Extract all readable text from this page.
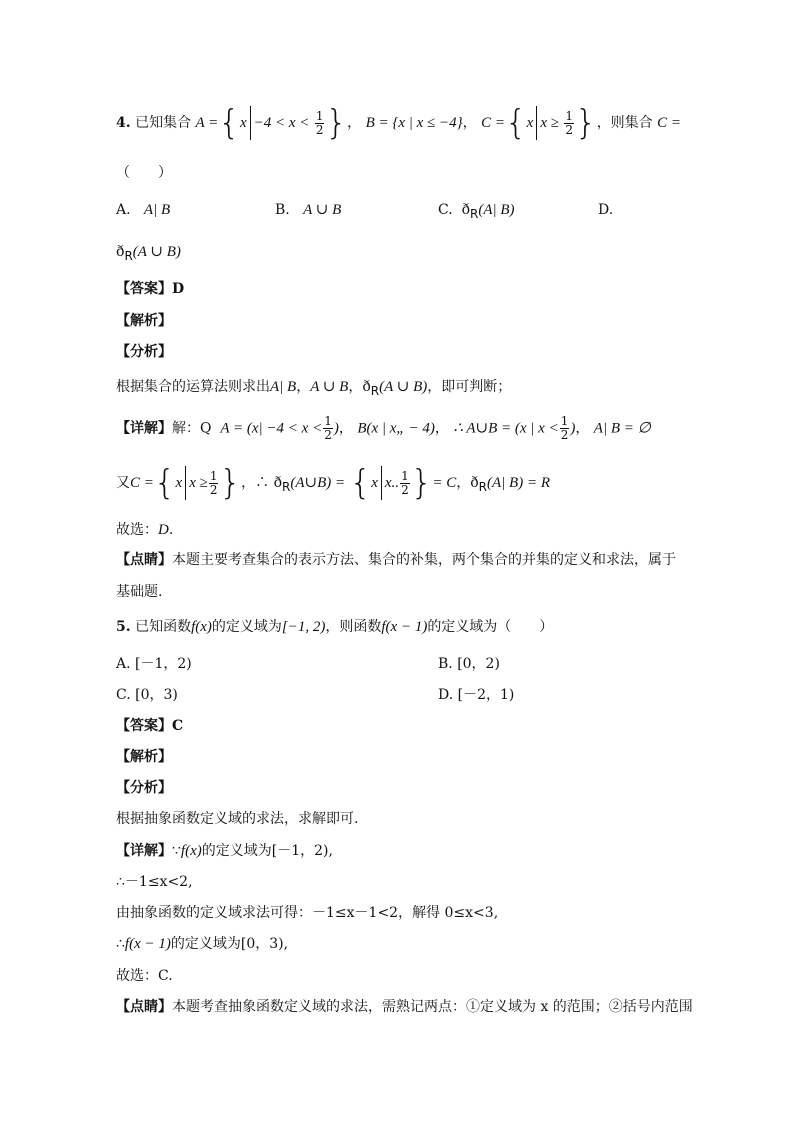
4. 已知集合 $A =\{x -4 < x < \frac{1}{2}$ }， B = {x | x ≤ −4}， C ={x $x \ge \frac{1}{2}$ }，则集合 C =
（　　）
A. A| B	B. A ∪ B	C. $ð_R(A|$ B)	D.
$ð_R(A$ ∪ B)
【答案】D
【解析】
【分析】
根据集合的运算法则求出A| B，A ∪ B，$ð_R(A$ ∪ B)，即可判断；
【详解】解：Q $A = (x| -4 < x < \frac{1}{2}$ )， B(x | x„ − 4)， ∴ A∪B = (x | $x < \frac{1}{2}$ )， A| B = ∅
又C ={x $x \ge \frac{1}{2}$ }，∴ $ð_R(A\cup B) = \{x$ x.. $\frac{1}{2}$ }= C，$ð_R(A|$ B) = R
故选：D.
【点睛】本题主要考查集合的表示方法、集合的补集，两个集合的并集的定义和求法，属于
基础题.
5. 已知函数f(x)的定义域为[−1, 2)，则函数f(x − 1)的定义域为（　　）
A. [－1，2)	B. [0，2)
C. [0，3)	D. [－2，1)
【答案】C
【解析】
【分析】
根据抽象函数定义域的求法，求解即可.
【详解】∵f(x)的定义域为[－1，2),
∴－1≤x<2,
由抽象函数的定义域求法可得：－1≤x－1<2，解得 0≤x<3,
∴f(x − 1)的定义域为[0，3),
故选：C.
【点睛】本题考查抽象函数定义域的求法，需熟记两点：①定义域为 x 的范围；②括号内范围
